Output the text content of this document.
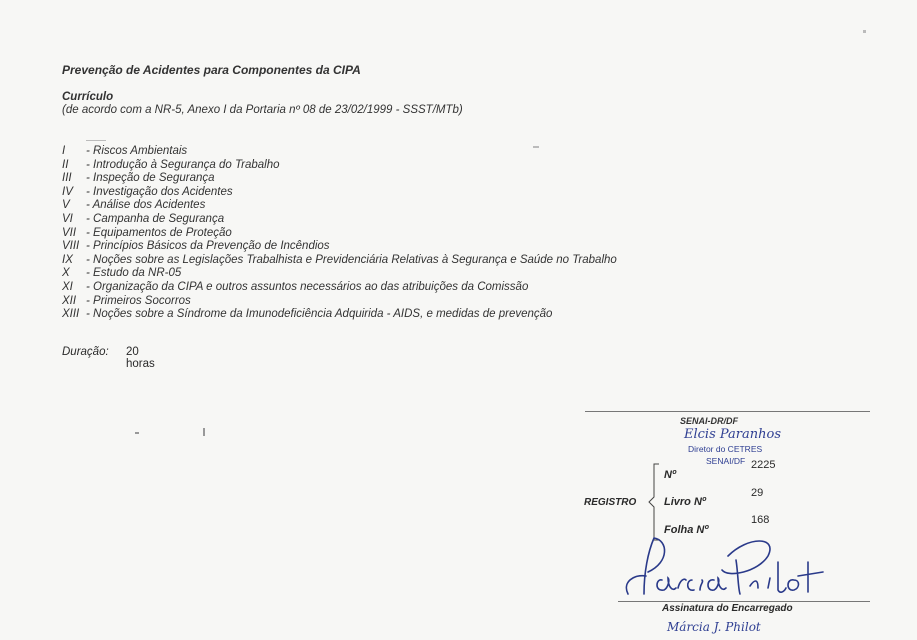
Prevenção de Acidentes para Componentes da CIPA
Currículo
(de acordo com a NR-5, Anexo I da Portaria nº 08 de 23/02/1999 - SSST/MTb)
I - Riscos Ambientais
II - Introdução à Segurança do Trabalho
III - Inspeção de Segurança
IV - Investigação dos Acidentes
V - Análise dos Acidentes
VI - Campanha de Segurança
VII - Equipamentos de Proteção
VIII - Princípios Básicos da Prevenção de Incêndios
IX - Noções sobre as Legislações Trabalhista e Previdenciária Relativas à Segurança e Saúde no Trabalho
X - Estudo da NR-05
XI - Organização da CIPA e outros assuntos necessários ao das atribuições da Comissão
XII - Primeiros Socorros
XIII - Noções sobre a Síndrome da Imunodeficiência Adquirida - AIDS, e medidas de prevenção
Duração: 20 horas
SENAI-DR/DF
Elcis Paranhos
Diretor do CETRES
SENAI/DF
REGISTRO
Nº
2225
Livro Nº
29
Folha Nº
168
Assinatura do Encarregado
Márcia J. Philot
